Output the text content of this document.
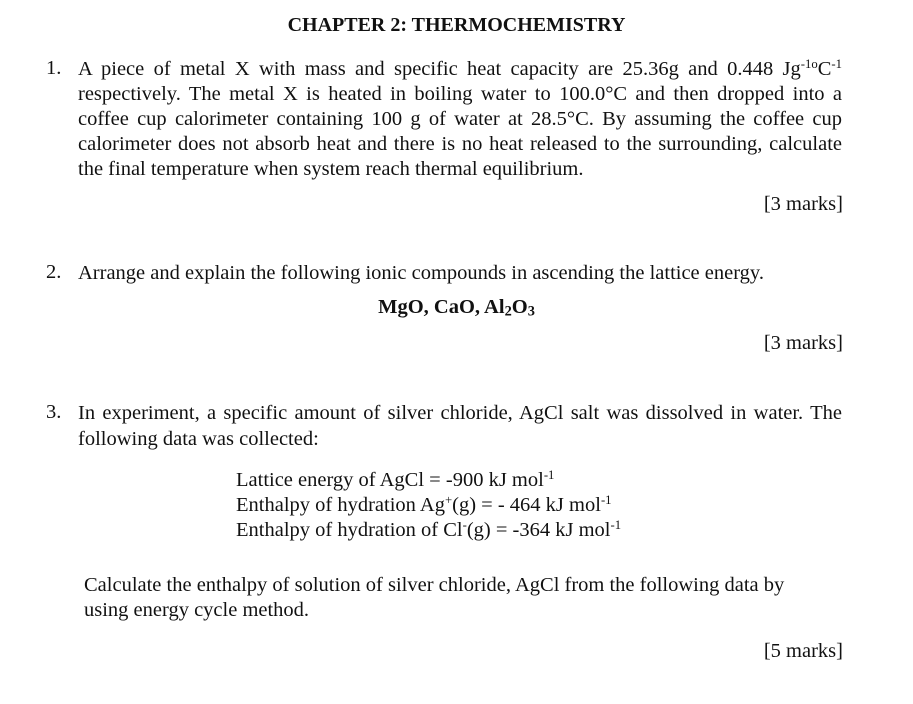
CHAPTER 2: THERMOCHEMISTRY
1. A piece of metal X with mass and specific heat capacity are 25.36g and 0.448 $Jg^{-1o}C^{-1}$
respectively. The metal X is heated in boiling water to 100.0°C and then dropped into a
coffee cup calorimeter containing 100 g of water at 28.5°C. By assuming the coffee cup
calorimeter does not absorb heat and there is no heat released to the surrounding, calculate
the final temperature when system reach thermal equilibrium.
[3 marks]
2. Arrange and explain the following ionic compounds in ascending the lattice energy.
MgO, CaO, $Al_2O_3$
[3 marks]
3. In experiment, a specific amount of silver chloride, AgCl salt was dissolved in water. The
following data was collected:
Lattice energy of AgCl = -900 kJ mol$^{-1}$
Enthalpy of hydration Ag+(g) = - 464 kJ mol$^{-1}$
Enthalpy of hydration of Cl-(g) = -364 kJ mol$^{-1}$
Calculate the enthalpy of solution of silver chloride, AgCl from the following data by
using energy cycle method.
[5 marks]
